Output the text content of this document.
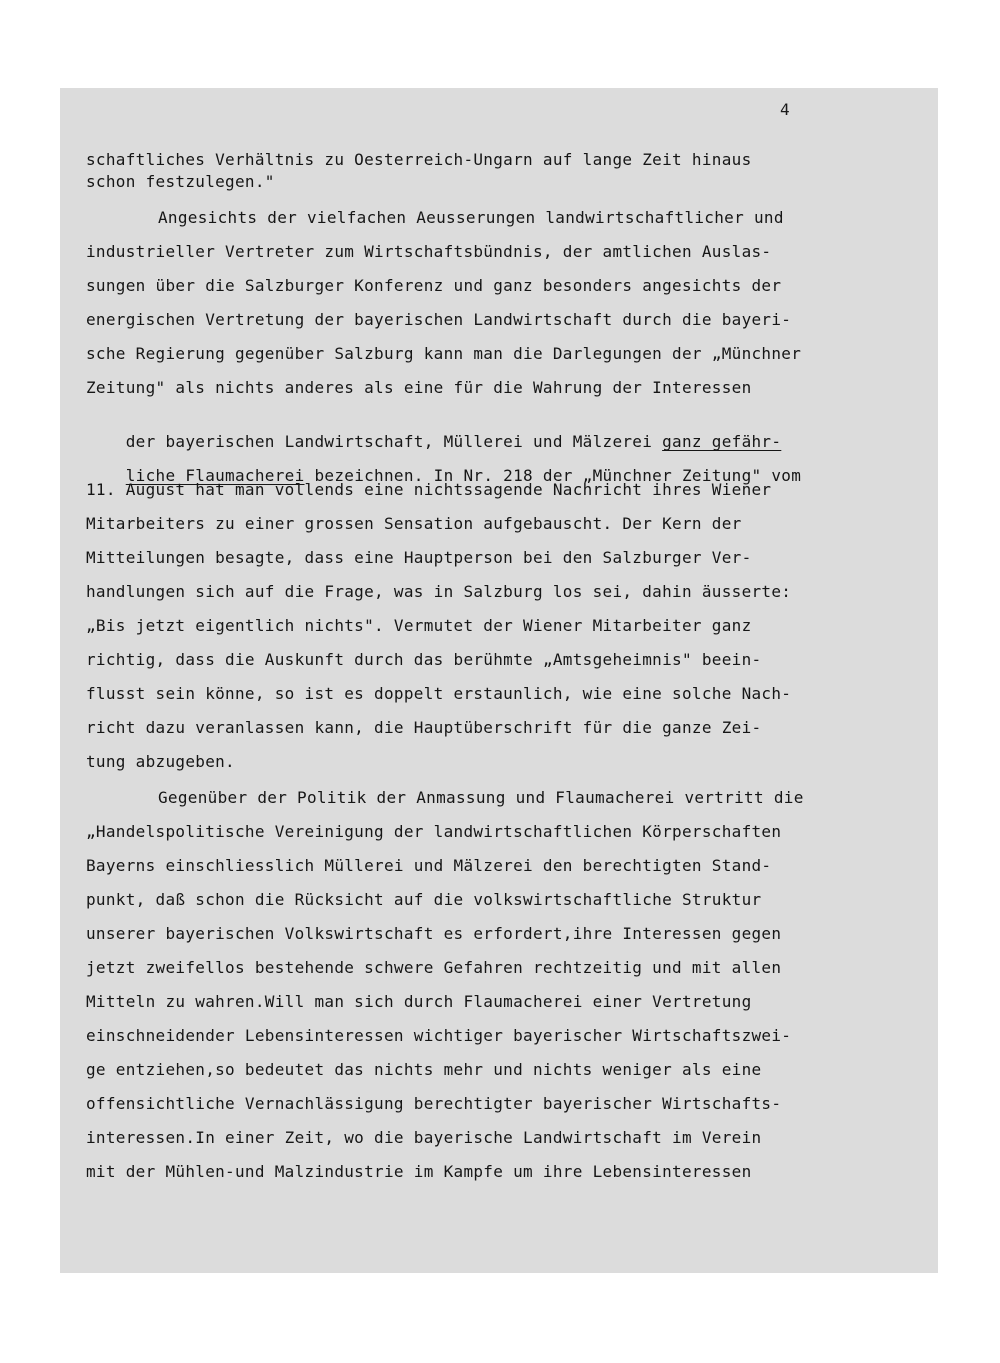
4
schaftliches Verhältnis zu Oesterreich-Ungarn auf lange Zeit hinaus
schon festzulegen."
Angesichts der vielfachen Aeusserungen landwirtschaftlicher und
industrieller Vertreter zum Wirtschaftsbündnis, der amtlichen Auslas-
sungen über die Salzburger Konferenz und ganz besonders angesichts der
energischen Vertretung der bayerischen Landwirtschaft durch die bayeri-
sche Regierung gegenüber Salzburg kann man die Darlegungen der „Münchner
Zeitung" als nichts anderes als eine für die Wahrung der Interessen

der bayerischen Landwirtschaft, Müllerei und Mälzerei ganz gefähr-

liche Flaumacherei bezeichnen. In Nr. 218 der „Münchner Zeitung" vom

11. August hat man vollends eine nichtssagende Nachricht ihres Wiener
Mitarbeiters zu einer grossen Sensation aufgebauscht. Der Kern der
Mitteilungen besagte, dass eine Hauptperson bei den Salzburger Ver-
handlungen sich auf die Frage, was in Salzburg los sei, dahin äusserte:
„Bis jetzt eigentlich nichts". Vermutet der Wiener Mitarbeiter ganz
richtig, dass die Auskunft durch das berühmte „Amtsgeheimnis" beein-
flusst sein könne, so ist es doppelt erstaunlich, wie eine solche Nach-
richt dazu veranlassen kann, die Hauptüberschrift für die ganze Zei-
tung abzugeben.
Gegenüber der Politik der Anmassung und Flaumacherei vertritt die
„Handelspolitische Vereinigung der landwirtschaftlichen Körperschaften
Bayerns einschliesslich Müllerei und Mälzerei den berechtigten Stand-
punkt, daß schon die Rücksicht auf die volkswirtschaftliche Struktur
unserer bayerischen Volkswirtschaft es erfordert,ihre Interessen gegen
jetzt zweifellos bestehende schwere Gefahren rechtzeitig und mit allen
Mitteln zu wahren.Will man sich durch Flaumacherei einer Vertretung
einschneidender Lebensinteressen wichtiger bayerischer Wirtschaftszwei-
ge entziehen,so bedeutet das nichts mehr und nichts weniger als eine
offensichtliche Vernachlässigung berechtigter bayerischer Wirtschafts-
interessen.In einer Zeit, wo die bayerische Landwirtschaft im Verein
mit der Mühlen-und Malzindustrie im Kampfe um ihre Lebensinteressen
